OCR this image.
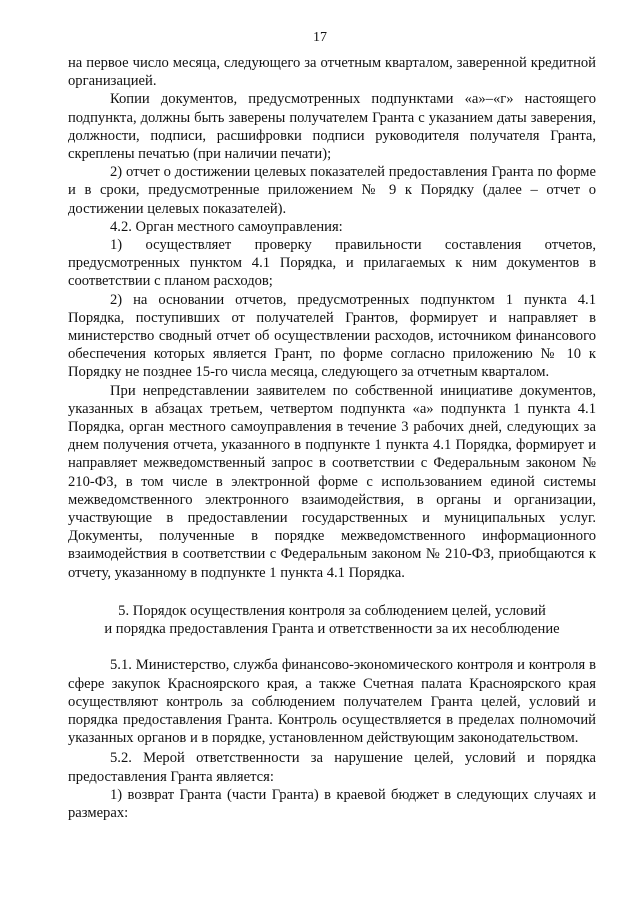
17

на первое число месяца, следующего за отчетным кварталом, заверенной кредитной организацией.

Копии документов, предусмотренных подпунктами «а»–«г» настоящего подпункта, должны быть заверены получателем Гранта с указанием даты заверения, должности, подписи, расшифровки подписи руководителя получателя Гранта, скреплены печатью (при наличии печати);

2) отчет о достижении целевых показателей предоставления Гранта по форме и в сроки, предусмотренные приложением № 9 к Порядку (далее – отчет о достижении целевых показателей).

4.2. Орган местного самоуправления:

1) осуществляет проверку правильности составления отчетов, предусмотренных пунктом 4.1 Порядка, и прилагаемых к ним документов в соответствии с планом расходов;

2) на основании отчетов, предусмотренных подпунктом 1 пункта 4.1 Порядка, поступивших от получателей Грантов, формирует и направляет в министерство сводный отчет об осуществлении расходов, источником финансового обеспечения которых является Грант, по форме согласно приложению № 10 к Порядку не позднее 15-го числа месяца, следующего за отчетным кварталом.

При непредставлении заявителем по собственной инициативе документов, указанных в абзацах третьем, четвертом подпункта «а» подпункта 1 пункта 4.1 Порядка, орган местного самоуправления в течение 3 рабочих дней, следующих за днем получения отчета, указанного в подпункте 1 пункта 4.1 Порядка, формирует и направляет межведомственный запрос в соответствии с Федеральным законом № 210-ФЗ, в том числе в электронной форме с использованием единой системы межведомственного электронного взаимодействия, в органы и организации, участвующие в предоставлении государственных и муниципальных услуг. Документы, полученные в порядке межведомственного информационного взаимодействия в соответствии с Федеральным законом № 210-ФЗ, приобщаются к отчету, указанному в подпункте 1 пункта 4.1 Порядка.

5. Порядок осуществления контроля за соблюдением целей, условий
и порядка предоставления Гранта и ответственности за их несоблюдение

5.1. Министерство, служба финансово-экономического контроля и контроля в сфере закупок Красноярского края, а также Счетная палата Красноярского края осуществляют контроль за соблюдением получателем Гранта целей, условий и порядка предоставления Гранта. Контроль осуществляется в пределах полномочий указанных органов и в порядке, установленном действующим законодательством.

5.2. Мерой ответственности за нарушение целей, условий и порядка предоставления Гранта является:

1) возврат Гранта (части Гранта) в краевой бюджет в следующих случаях и размерах:
